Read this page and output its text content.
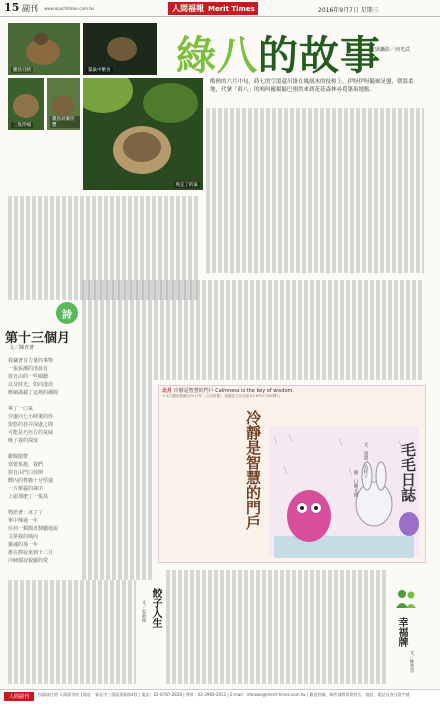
15 副刊 www.epochtimes.com.tw	人間福報 Merit Times	2016年9月7日 星期三
雛鳥目睛	築巢中餵食
三隻待哺
雛鳥羽翼待豐
飛走了的巢
綠八的故事
文與攝影／何光武
酷熱的六月中旬，蒔七的空溫還吊掛在鳳凰木的枝椏上，伊呀伊呀隨風晃盪，朝溫柔地，代號「蒔八」的鳴叫羅揚隨巴翔然來到花花森林尋覓築巢地點。
詩
第十三個月
文／陳青著
我竊著有力量的事物
一張張潮的清晨有
窗自由的一些閱聽
以及時光，如同淺淡
壓縮滿載了這裡的潮間
畢了一口氣
旁盪向七小時後的你
窗悠的巷弄深處之間
可能是巧色方的氣味
晚了我的探度
辭閱閣帶
寒蕾篤抱，我們
窗自由門口放開
體內的脊髓十分堅強
一片塵霾的歲序
上頭那麼丁一隻鳥
物語著：冰了了
單中傳過一年
任何一類簡直隸屬地說
文夢我的風向
靈魂的那一年
誰在靜寂來到十二月
冷硬僵寂貌顯的愛
北月 冷靜是智慧的門戶 Calmness is the key of wisdom.
＊本文圖和插圖自2017年《文房四寶》 繪圖及文化出版 02-6707709(轉7)
冷靜是智慧的門戶	毛毛日誌
文．漫畫／吳梓子
圖．口雕文理
餃子人生
文／吳新偉
幸福牌
文／林秀容
人間副刊	投稿請注明 人間副刊收 | 地址：新北市三重區重新路4段 | 電話：02-8787-2828 | 傳真：02-2960-2011 | E-mail：mtnews@merit-times.com.tw | 歡迎投稿，稿件請附真實姓名、地址、電話及身分證字號
